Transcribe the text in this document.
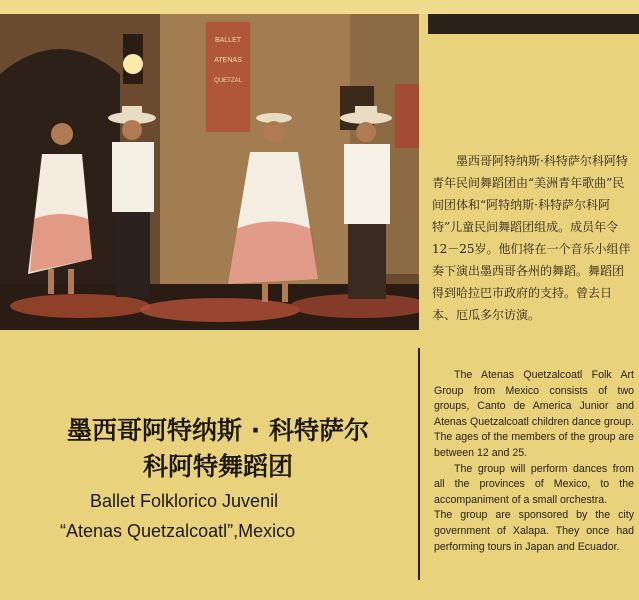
BALLET
ATENAS
QUETZAL

墨西哥阿特纳斯·科特萨尔科阿特青年民间舞蹈团由“美洲青年歌曲”民间团体和“阿特纳斯·科特萨尔科阿特”儿童民间舞蹈团组成。成员年令12－25岁。他们将在一个音乐小组伴奏下演出墨西哥各州的舞蹈。舞蹈团得到哈拉巴市政府的支持。曾去日本、厄瓜多尔访演。

墨西哥阿特纳斯 · 科特萨尔
科阿特舞蹈团
Ballet Folklorico Juvenil
“Atenas Quetzalcoatl”,Mexico

The Atenas Quetzalcoatl Folk Art Group from Mexico consists of two groups, Canto de America Junior and Atenas Quetzalcoatl children dance group. The ages of the members of the group are between 12 and 25.

The group will perform dances from all the provinces of Mexico, to the accompaniment of a small orchestra.

The group are sponsored by the city government of Xalapa. They once had performing tours in Japan and Ecuador.
